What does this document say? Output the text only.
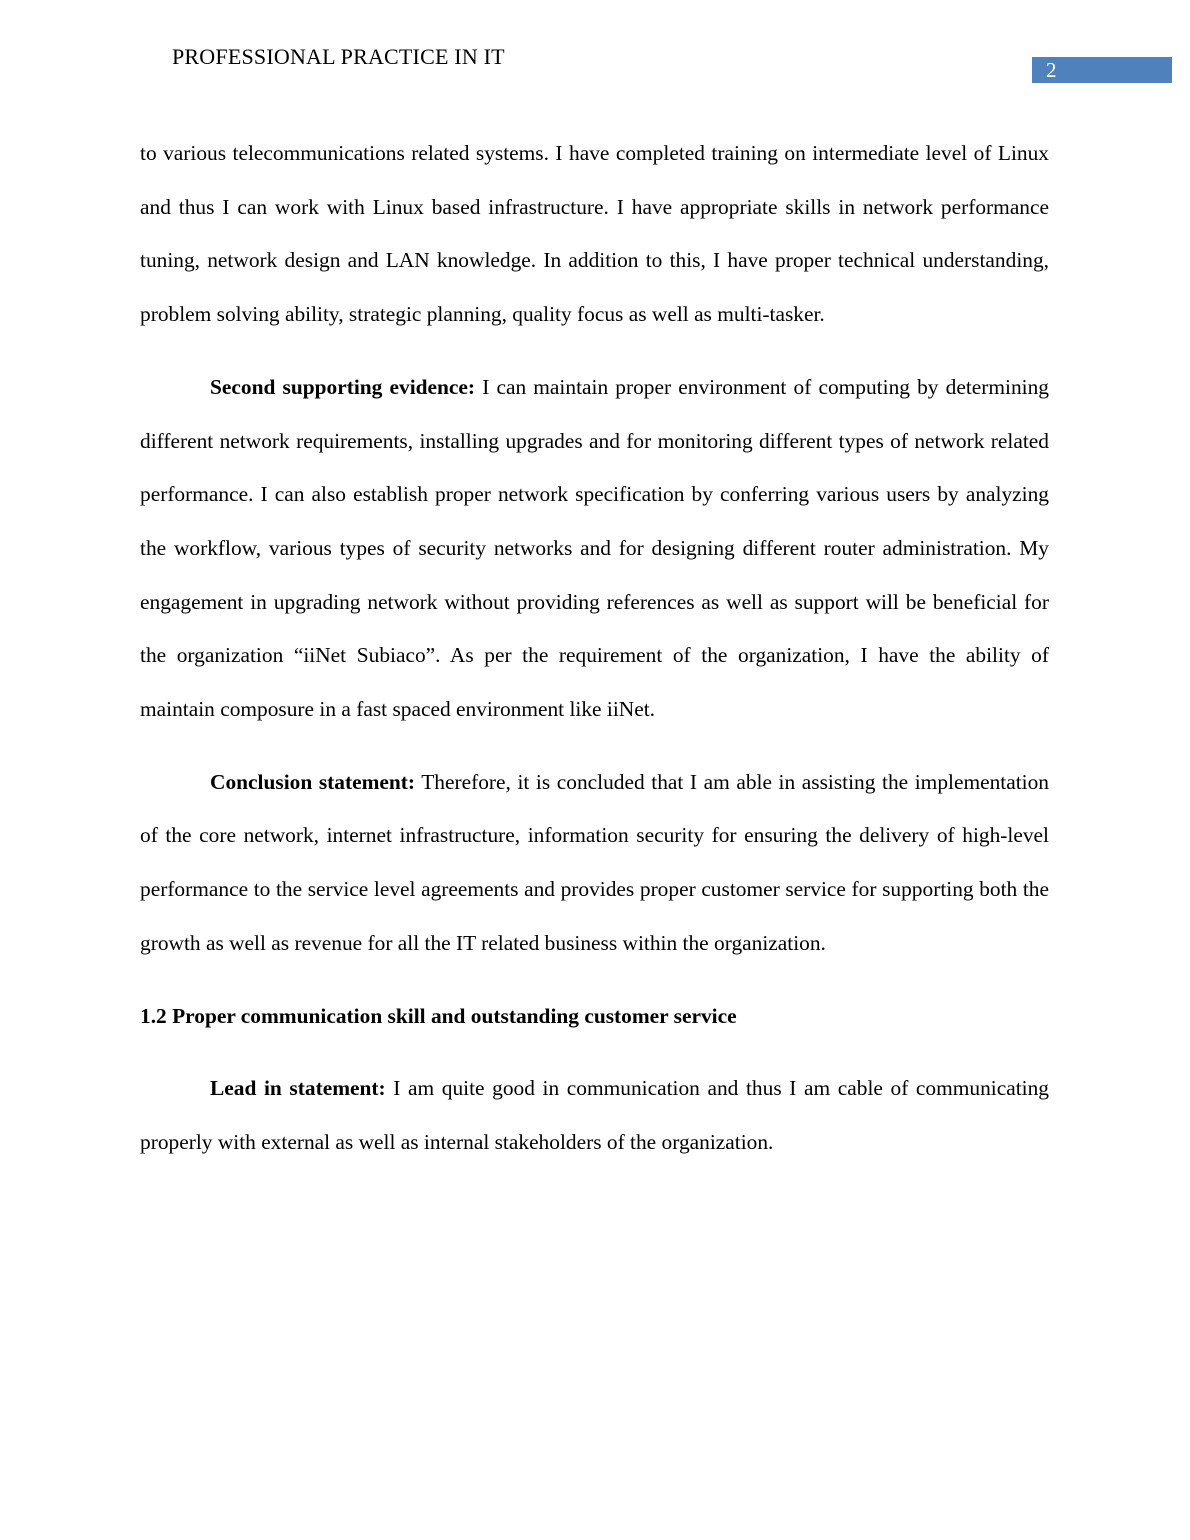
PROFESSIONAL PRACTICE IN IT
2

to various telecommunications related systems. I have completed training on intermediate level of Linux and thus I can work with Linux based infrastructure. I have appropriate skills in network performance tuning, network design and LAN knowledge. In addition to this, I have proper technical understanding, problem solving ability, strategic planning, quality focus as well as multi-tasker.

Second supporting evidence: I can maintain proper environment of computing by determining different network requirements, installing upgrades and for monitoring different types of network related performance. I can also establish proper network specification by conferring various users by analyzing the workflow, various types of security networks and for designing different router administration. My engagement in upgrading network without providing references as well as support will be beneficial for the organization “iiNet Subiaco”. As per the requirement of the organization, I have the ability of maintain composure in a fast spaced environment like iiNet.

Conclusion statement: Therefore, it is concluded that I am able in assisting the implementation of the core network, internet infrastructure, information security for ensuring the delivery of high-level performance to the service level agreements and provides proper customer service for supporting both the growth as well as revenue for all the IT related business within the organization.

1.2 Proper communication skill and outstanding customer service

Lead in statement: I am quite good in communication and thus I am cable of communicating properly with external as well as internal stakeholders of the organization.
